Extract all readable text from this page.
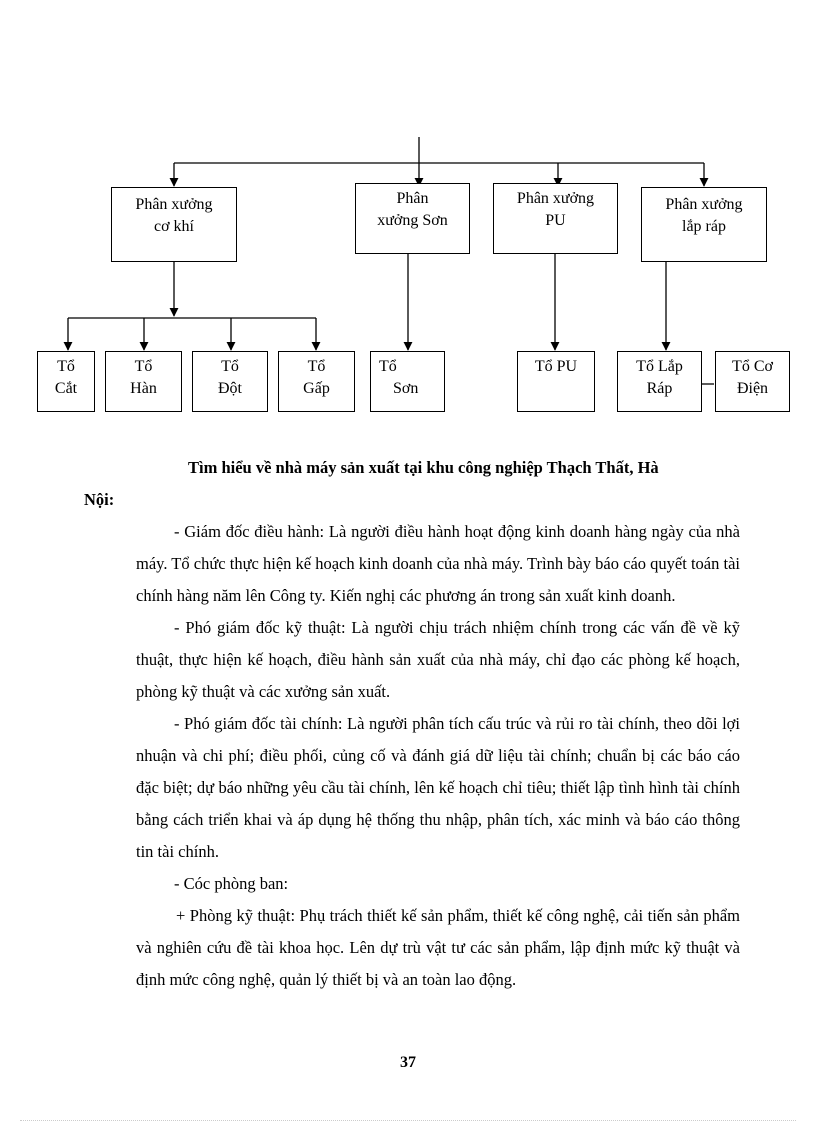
Phân xưởng
cơ khí
Phân
xưởng Sơn
Phân xưởng
PU
Phân xưởng
lắp ráp
Tổ
Cắt
Tổ
Hàn
Tổ
Đột
Tổ
Gấp
Tổ
Sơn
Tổ PU	Tổ Lắp
Ráp
Tổ Cơ
Điện

Tìm hiểu về nhà máy sản xuất tại khu công nghiệp Thạch Thất, Hà
Nội:

- Giám đốc điều hành: Là người điều hành hoạt động kinh doanh hàng ngày của nhà máy. Tổ chức thực hiện kế hoạch kinh doanh của nhà máy. Trình bày báo cáo quyết toán tài chính hàng năm lên Công ty. Kiến nghị các phương án trong sản xuất kinh doanh.

- Phó giám đốc kỹ thuật: Là người chịu trách nhiệm chính trong các vấn đề về kỹ thuật, thực hiện kế hoạch, điều hành sản xuất của nhà máy, chỉ đạo các phòng kế hoạch, phòng kỹ thuật và các xưởng sản xuất.

- Phó giám đốc tài chính: Là người phân tích cấu trúc và rủi ro tài chính, theo dõi lợi nhuận và chi phí; điều phối, củng cố và đánh giá dữ liệu tài chính; chuẩn bị các báo cáo đặc biệt; dự báo những yêu cầu tài chính, lên kế hoạch chỉ tiêu; thiết lập tình hình tài chính bằng cách triển khai và áp dụng hệ thống thu nhập, phân tích, xác minh và báo cáo thông tin tài chính.

- Cóc phòng ban:

+ Phòng kỹ thuật: Phụ trách thiết kế sản phẩm, thiết kế công nghệ, cải tiến sản phẩm và nghiên cứu đề tài khoa học. Lên dự trù vật tư các sản phẩm, lập định mức kỹ thuật và định mức công nghệ, quản lý thiết bị và an toàn lao động.

37
